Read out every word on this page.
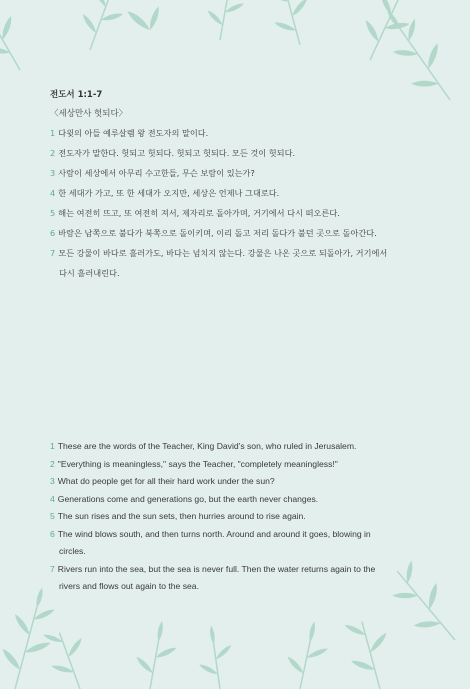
전도서 1:1-7
〈세상만사 헛되다〉
1 다윗의 아들 예루살렘 왕 전도자의 말이다.
2 전도자가 말한다. 헛되고 헛되다. 헛되고 헛되다. 모든 것이 헛되다.
3 사람이 세상에서 아무리 수고한들, 무슨 보람이 있는가?
4 한 세대가 가고, 또 한 세대가 오지만, 세상은 언제나 그대로다.
5 해는 여전히 뜨고, 또 여전히 져서, 제자리로 돌아가며, 거기에서 다시 떠오른다.
6 바람은 남쪽으로 불다가 북쪽으로 돌이키며, 이리 돌고 저리 돌다가 불던 곳으로 돌아간다.
7 모든 강물이 바다로 흘러가도, 바다는 넘치지 않는다. 강물은 나온 곳으로 되돌아가, 거기에서
다시 흘러내린다.
1 These are the words of the Teacher, King David's son, who ruled in Jerusalem.
2 "Everything is meaningless," says the Teacher, "completely meaningless!"
3 What do people get for all their hard work under the sun?
4 Generations come and generations go, but the earth never changes.
5 The sun rises and the sun sets, then hurries around to rise again.
6 The wind blows south, and then turns north. Around and around it goes, blowing in
circles.
7 Rivers run into the sea, but the sea is never full. Then the water returns again to the
rivers and flows out again to the sea.
